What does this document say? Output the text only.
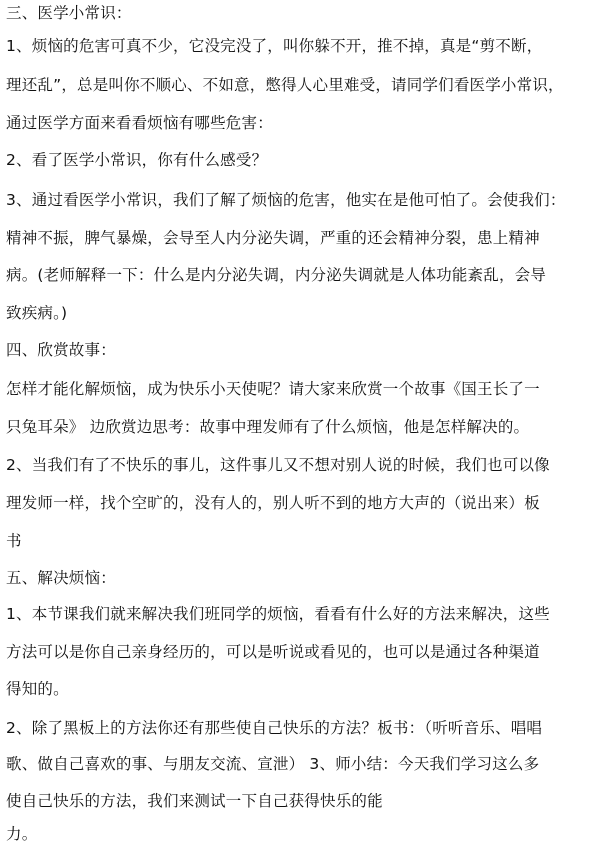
三、医学小常识：
1、烦恼的危害可真不少，它没完没了，叫你躲不开，推不掉，真是“剪不断，
理还乱”，总是叫你不顺心、不如意，憋得人心里难受，请同学们看医学小常识，
通过医学方面来看看烦恼有哪些危害：
2、看了医学小常识，你有什么感受？
3、通过看医学小常识，我们了解了烦恼的危害，他实在是他可怕了。会使我们：
精神不振，脾气暴燥，会导至人内分泌失调，严重的还会精神分裂，患上精神
病。(老师解释一下：什么是内分泌失调，内分泌失调就是人体功能紊乱，会导
致疾病。)
四、欣赏故事：
怎样才能化解烦恼，成为快乐小天使呢？请大家来欣赏一个故事《国王长了一
只兔耳朵》 边欣赏边思考：故事中理发师有了什么烦恼，他是怎样解决的。
2、当我们有了不快乐的事儿，这件事儿又不想对别人说的时候，我们也可以像
理发师一样，找个空旷的，没有人的，别人听不到的地方大声的（说出来）板
书
五、解决烦恼：
1、本节课我们就来解决我们班同学的烦恼，看看有什么好的方法来解决，这些
方法可以是你自己亲身经历的，可以是听说或看见的，也可以是通过各种渠道
得知的。
2、除了黑板上的方法你还有那些使自己快乐的方法？板书：（听听音乐、唱唱
歌、做自己喜欢的事、与朋友交流、宣泄） 3、师小结：今天我们学习这么多
使自己快乐的方法，我们来测试一下自己获得快乐的能
力。
